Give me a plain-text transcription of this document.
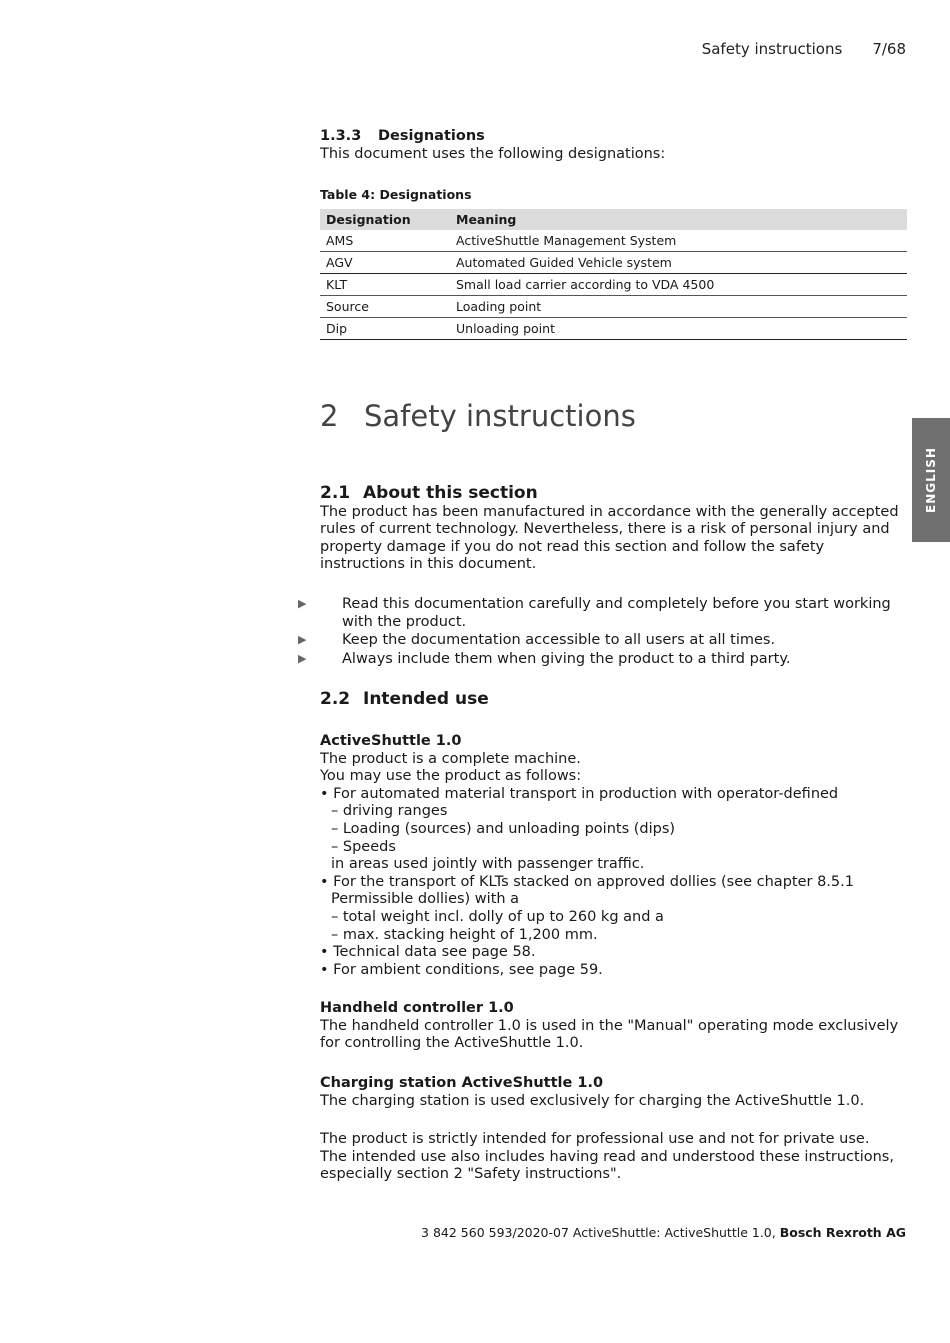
Safety instructions 7/68
1.3.3 Designations

This document uses the following designations:

Table 4: Designations
Designation	Meaning
AMS	ActiveShuttle Management System
AGV	Automated Guided Vehicle system
KLT	Small load carrier according to VDA 4500
Source	Loading point
Dip	Unloading point
2 Safety instructions
2.1 About this section

The product has been manufactured in accordance with the generally accepted rules of current technology. Nevertheless, there is a risk of personal injury and property damage if you do not read this section and follow the safety instructions in this document.

▶ Read this documentation carefully and completely before you start working with the product.

▶ Keep the documentation accessible to all users at all times.

▶ Always include them when giving the product to a third party.

2.2 Intended use

ActiveShuttle 1.0

The product is a complete machine.

You may use the product as follows:

• For automated material transport in production with operator-defined

– driving ranges

– Loading (sources) and unloading points (dips)

– Speeds

in areas used jointly with passenger traffic.

• For the transport of KLTs stacked on approved dollies (see chapter 8.5.1 Permissible dollies) with a

– total weight incl. dolly of up to 260 kg and a

– max. stacking height of 1,200 mm.

• Technical data see page 58.

• For ambient conditions, see page 59.

Handheld controller 1.0

The handheld controller 1.0 is used in the "Manual" operating mode exclusively for controlling the ActiveShuttle 1.0.

Charging station ActiveShuttle 1.0

The charging station is used exclusively for charging the ActiveShuttle 1.0.

The product is strictly intended for professional use and not for private use.

The intended use also includes having read and understood these instructions, especially section 2 "Safety instructions".

ENGLISH
3 842 560 593/2020-07 ActiveShuttle: ActiveShuttle 1.0, Bosch Rexroth AG
